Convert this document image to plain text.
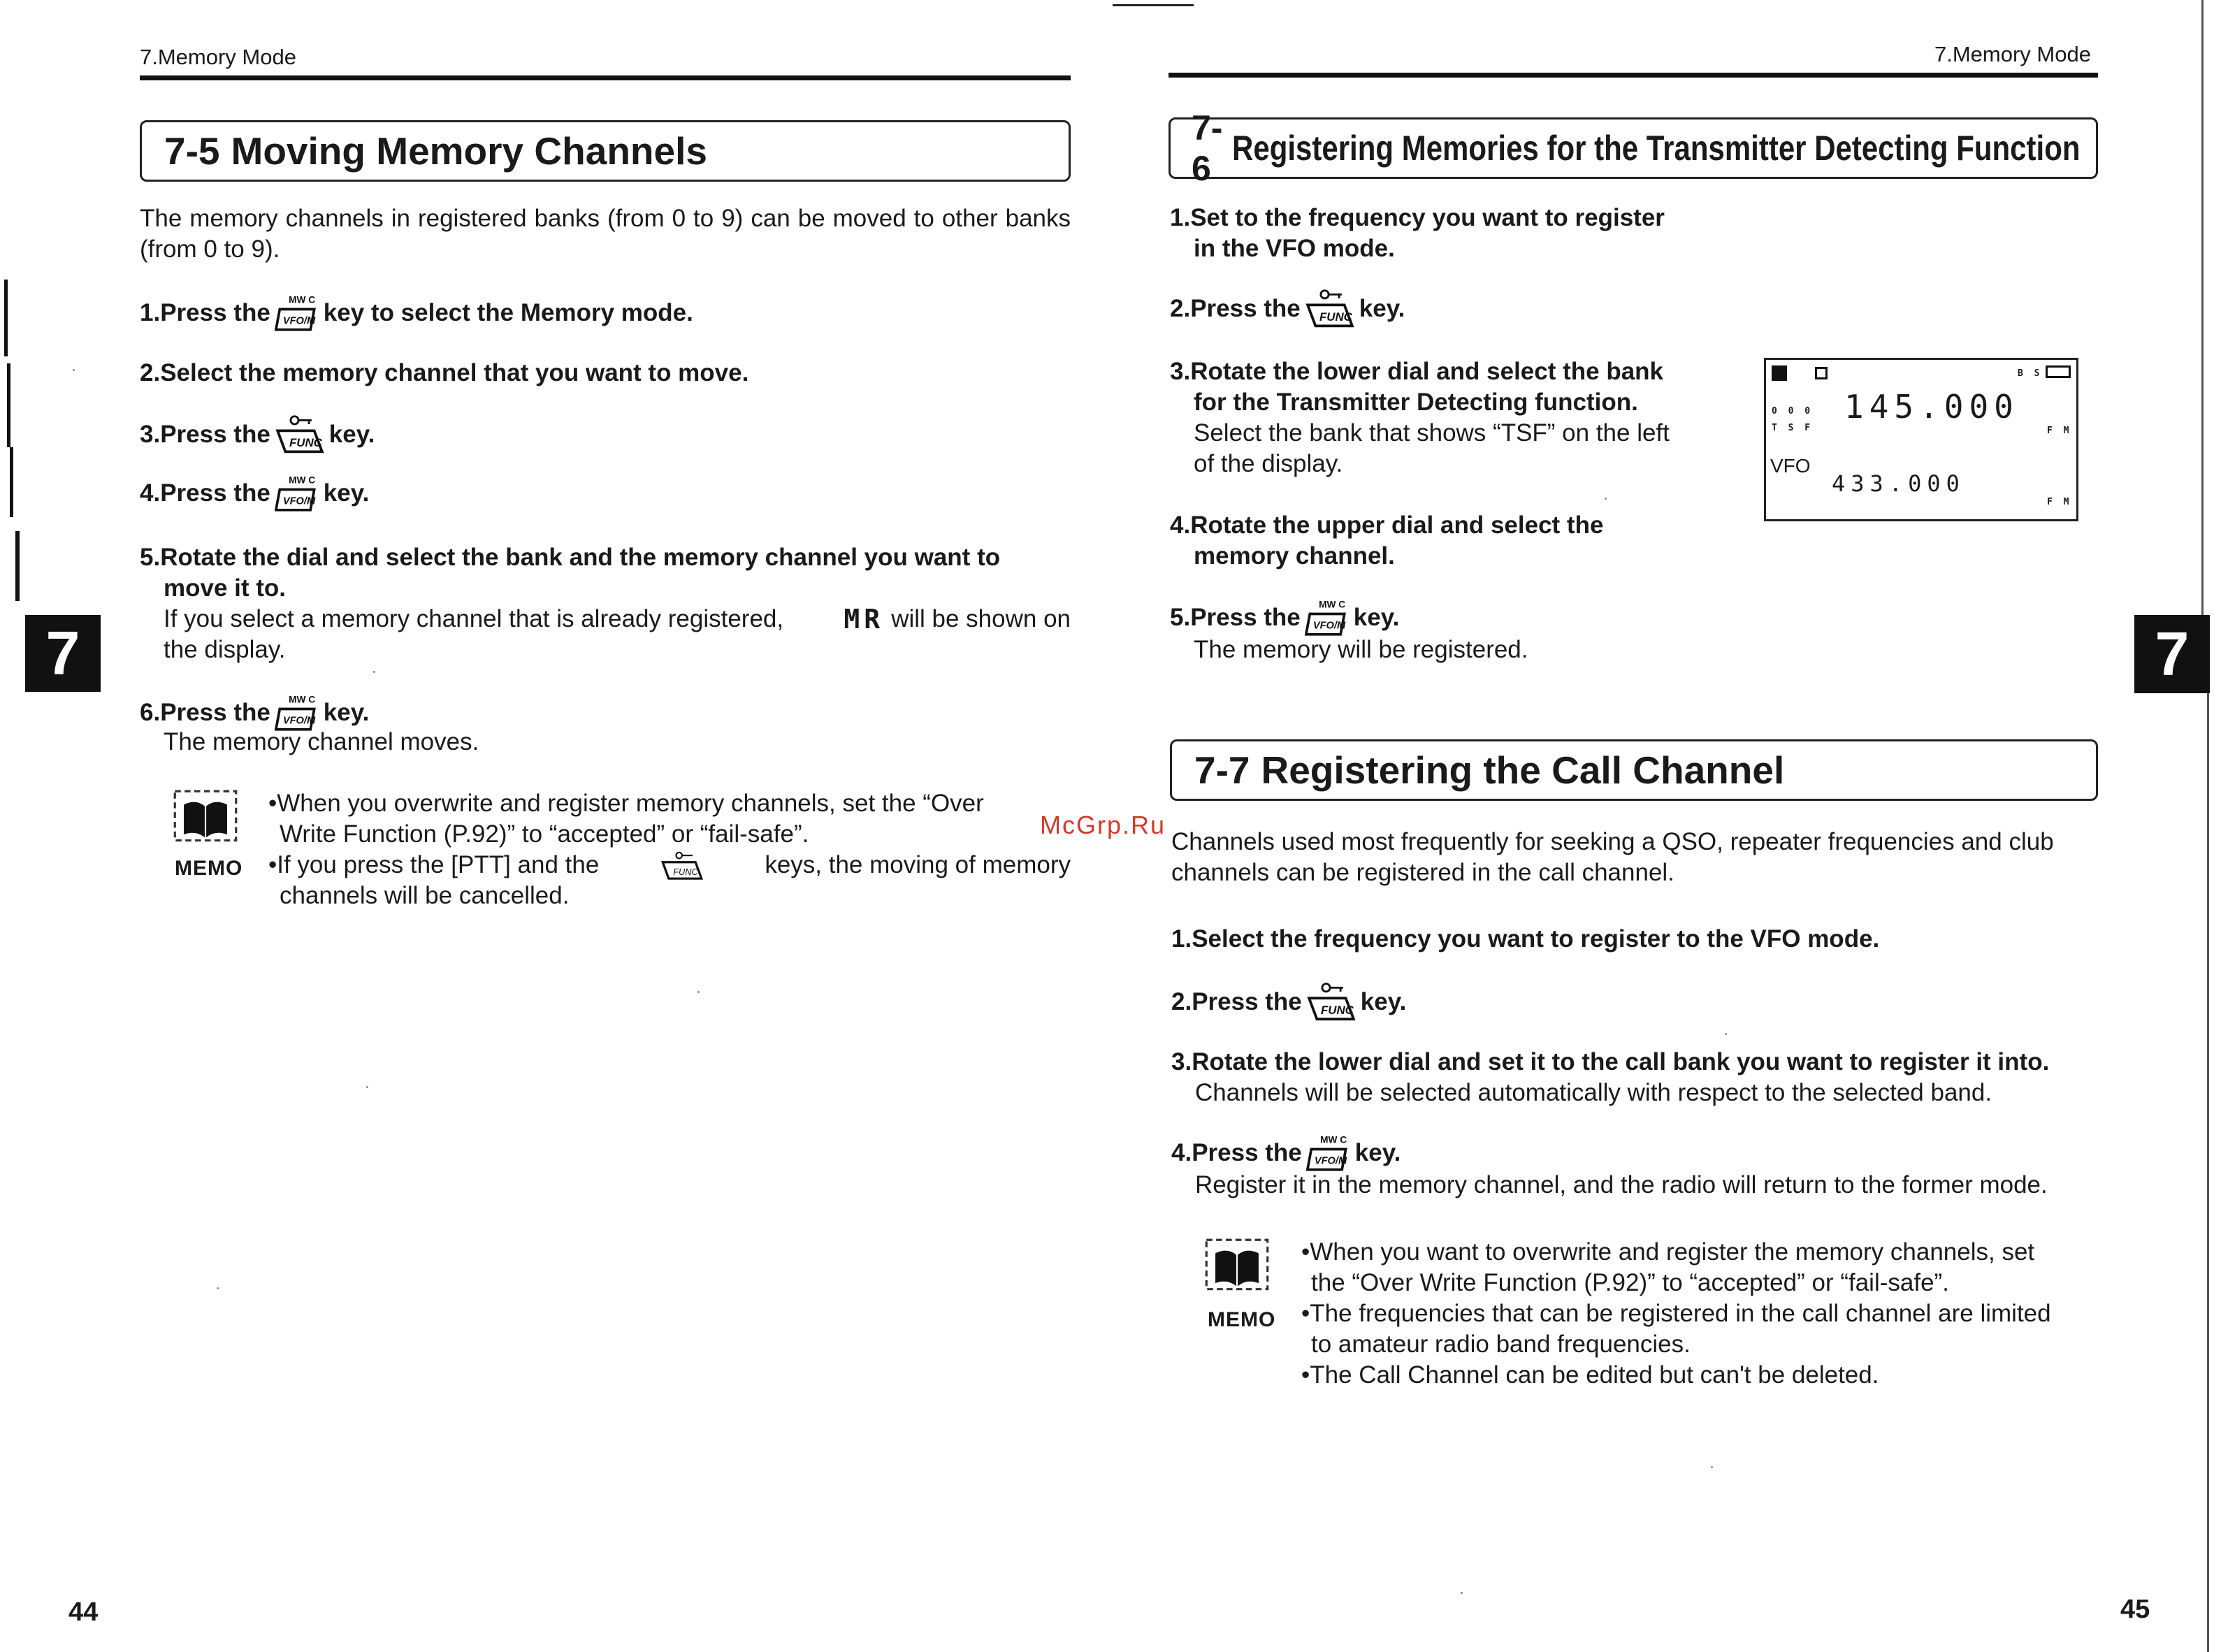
7.Memory Mode
7-5 Moving Memory Channels
The memory channels in registered banks (from 0 to 9) can be moved to other banks (from 0 to 9).
1. Press the key to select the Memory mode.
2.Select the memory channel that you want to move.
3. Press the key.
4. Press the key.
5.Rotate the dial and select the bank and the memory channel you want to
move it to.
If you select a memory channel that is already registered, MR will be shown on
the display.
6. Press the key.
The memory channel moves.
MEMO
•When you overwrite and register memory channels, set the “Over
Write Function (P.92)” to “accepted” or “fail-safe”.
•If you press the [PTT] and the	keys, the moving of memory
channels will be cancelled.
7
44
7.Memory Mode
7-6
Registering Memories for the Transmitter Detecting Function
1.Set to the frequency you want to register
in the VFO mode.
2.Press the key.
3.Rotate the lower dial and select the bank
for the Transmitter Detecting function.
Select the bank that shows “TSF” on the left
of the display.
4.Rotate the upper dial and select the
memory channel.
5.Press the key.
The memory will be registered.
B S
0 0 0
T S F
145.000
F M
VFO
433.000
F M
7-7 Registering the Call Channel
Channels used most frequently for seeking a QSO, repeater frequencies and club
channels can be registered in the call channel.
1.Select the frequency you want to register to the VFO mode.
2.Press the key.
3.Rotate the lower dial and set it to the call bank you want to register it into.
Channels will be selected automatically with respect to the selected band.
4.Press the key.
Register it in the memory channel, and the radio will return to the former mode.
MEMO
•When you want to overwrite and register the memory channels, set
the “Over Write Function (P.92)” to “accepted” or “fail-safe”.
•The frequencies that can be registered in the call channel are limited
to amateur radio band frequencies.
•The Call Channel can be edited but can't be deleted.
7
45
McGrp.Ru
